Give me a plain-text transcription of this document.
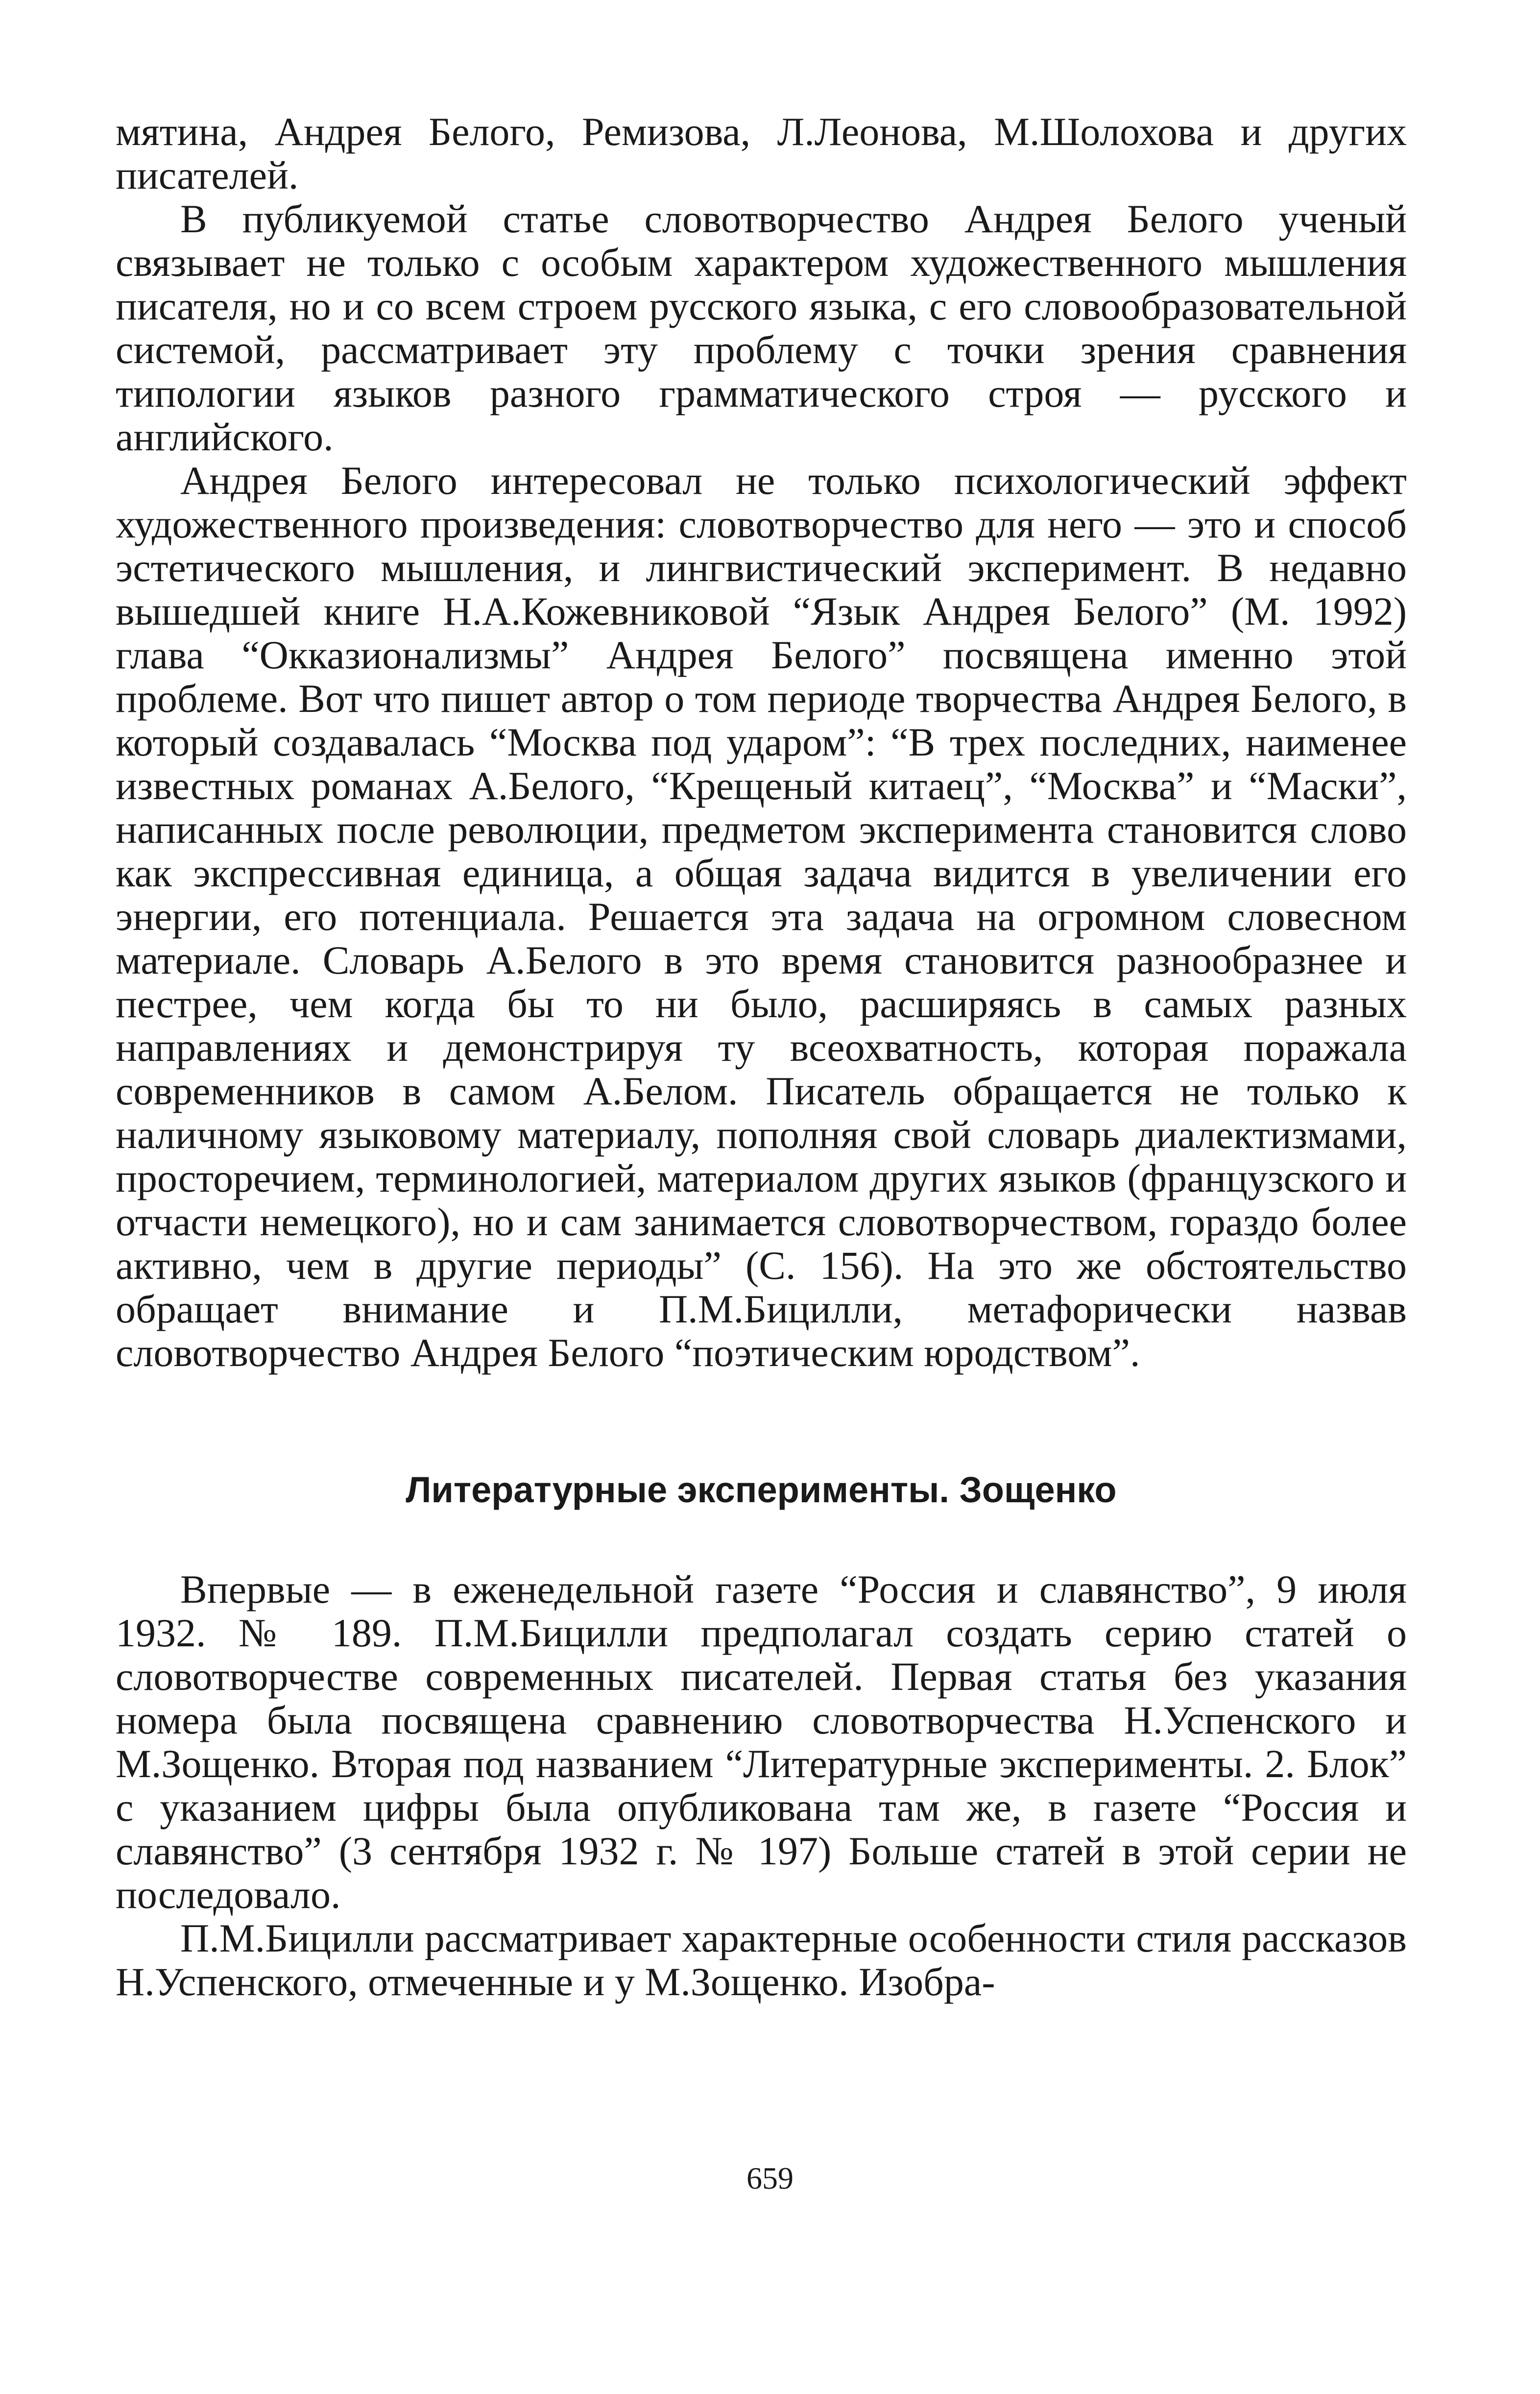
мятина, Андрея Белого, Ремизова, Л.Леонова, М.Шолохова и других писателей.

В публикуемой статье словотворчество Андрея Белого ученый связывает не только с особым характером художественного мышления писателя, но и со всем строем русского языка, с его словообразовательной системой, рассматривает эту проблему с точки зрения сравнения типологии языков разного грамматического строя — русского и английского.

Андрея Белого интересовал не только психологический эффект художественного произведения: словотворчество для него — это и способ эстетического мышления, и лингвистический эксперимент. В недавно вышедшей книге Н.А.Кожевниковой “Язык Андрея Белого” (М. 1992) глава “Окказионализмы” Андрея Белого” посвящена именно этой проблеме. Вот что пишет автор о том периоде творчества Андрея Белого, в который создавалась “Москва под ударом”: “В трех последних, наименее известных романах А.Белого, “Крещеный китаец”, “Москва” и “Маски”, написанных после революции, предметом эксперимента становится слово как экспрессивная единица, а общая задача видится в увеличении его энергии, его потенциала. Решается эта задача на огромном словесном материале. Словарь А.Белого в это время становится разнообразнее и пестрее, чем когда бы то ни было, расширяясь в самых разных направлениях и демонстрируя ту всеохватность, которая поражала современников в самом А.Белом. Писатель обращается не только к наличному языковому материалу, пополняя свой словарь диалектизмами, просторечием, терминологией, материалом других языков (французского и отчасти немецкого), но и сам занимается словотворчеством, гораздо более активно, чем в другие периоды” (С. 156). На это же обстоятельство обращает внимание и П.М.Бицилли, метафорически назвав словотворчество Андрея Белого “поэтическим юродством”.

Литературные эксперименты. Зощенко

Впервые — в еженедельной газете “Россия и славянство”, 9 июля 1932. № 189. П.М.Бицилли предполагал создать серию статей о словотворчестве современных писателей. Первая статья без указания номера была посвящена сравнению словотворчества Н.Успенского и М.Зощенко. Вторая под названием “Литературные эксперименты. 2. Блок” с указанием цифры была опубликована там же, в газете “Россия и славянство” (3 сентября 1932 г. № 197) Больше статей в этой серии не последовало.

П.М.Бицилли рассматривает характерные особенности стиля рассказов Н.Успенского, отмеченные и у М.Зощенко. Изобра-

659
